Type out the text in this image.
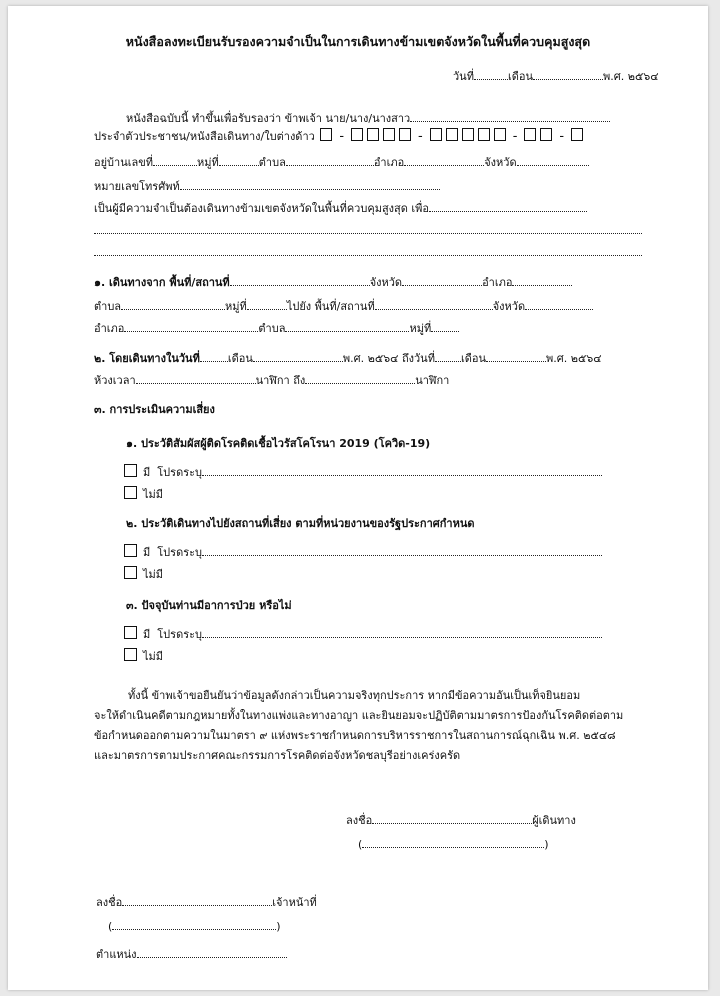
หนังสือลงทะเบียนรับรองความจำเป็นในการเดินทางข้ามเขตจังหวัดในพื้นที่ควบคุมสูงสุด
วันที่	เดือน	พ.ศ. ๒๕๖๔
หนังสือฉบับนี้ ทำขึ้นเพื่อรับรองว่า ข้าพเจ้า นาย/นาง/นางสาว
ประจำตัวประชาชน/หนังสือเดินทาง/ใบต่างด้าว -	-	-	-
อยู่บ้านเลขที่	หมู่ที่	ตำบล	อำเภอ	จังหวัด
หมายเลขโทรศัพท์
เป็นผู้มีความจำเป็นต้องเดินทางข้ามเขตจังหวัดในพื้นที่ควบคุมสูงสุด เพื่อ
๑. เดินทางจาก พื้นที่/สถานที่	จังหวัด	อำเภอ
ตำบล	หมู่ที่	ไปยัง พื้นที่/สถานที่	จังหวัด
อำเภอ	ตำบล	หมู่ที่
๒. โดยเดินทางในวันที่	เดือน	พ.ศ. ๒๕๖๔ ถึงวันที่ เดือน	พ.ศ. ๒๕๖๔
ห้วงเวลา	นาฬิกา ถึง	นาฬิกา
๓. การประเมินความเสี่ยง
๑. ประวัติสัมผัสผู้ติดโรคติดเชื้อไวรัสโคโรนา 2019 (โควิด-19)
มี โปรดระบุ
ไม่มี
๒. ประวัติเดินทางไปยังสถานที่เสี่ยง ตามที่หน่วยงานของรัฐประกาศกำหนด
มี โปรดระบุ
ไม่มี
๓. ปัจจุบันท่านมีอาการป่วย หรือไม่
มี โปรดระบุ
ไม่มี
ทั้งนี้ ข้าพเจ้าขอยืนยันว่าข้อมูลดังกล่าวเป็นความจริงทุกประการ หากมีข้อความอันเป็นเท็จยินยอม
จะให้ดำเนินคดีตามกฎหมายทั้งในทางแพ่งและทางอาญา และยินยอมจะปฏิบัติตามมาตรการป้องกันโรคติดต่อตาม
ข้อกำหนดออกตามความในมาตรา ๙ แห่งพระราชกำหนดการบริหารราชการในสถานการณ์ฉุกเฉิน พ.ศ. ๒๕๔๘
และมาตรการตามประกาศคณะกรรมการโรคติดต่อจังหวัดชลบุรีอย่างเคร่งครัด
ลงชื่อ	ผู้เดินทาง
(	)
ลงชื่อ	เจ้าหน้าที่
(	)
ตำแหน่ง
